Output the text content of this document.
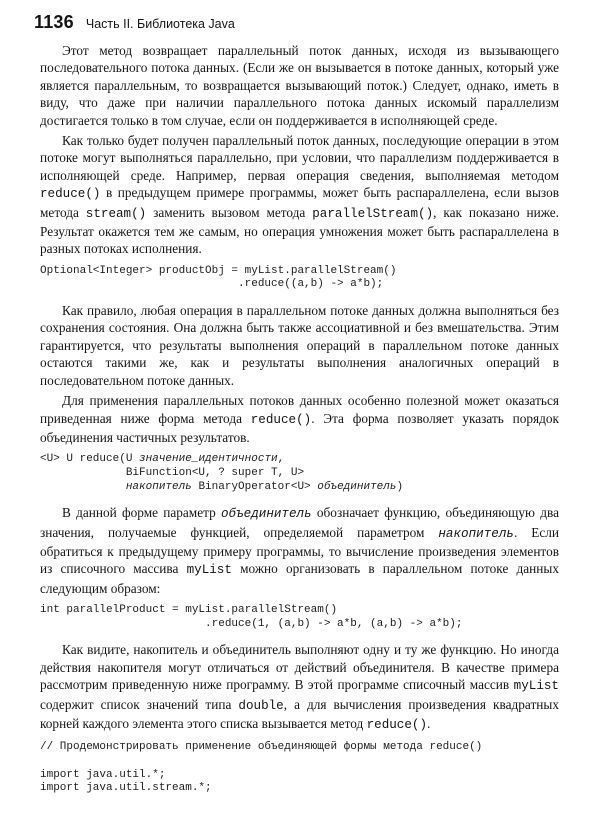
1136 Часть II. Библиотека Java

Этот метод возвращает параллельный поток данных, исходя из вызывающего последовательного потока данных. (Если же он вызывается в потоке данных, который уже является параллельным, то возвращается вызывающий поток.) Следует, однако, иметь в виду, что даже при наличии параллельного потока данных искомый параллелизм достигается только в том случае, если он поддерживается в исполняющей среде.

Как только будет получен параллельный поток данных, последующие операции в этом потоке могут выполняться параллельно, при условии, что параллелизм поддерживается в исполняющей среде. Например, первая операция сведения, выполняемая методом reduce() в предыдущем примере программы, может быть распараллелена, если вызов метода stream() заменить вызовом метода parallelStream(), как показано ниже. Результат окажется тем же самым, но операция умножения может быть распараллелена в разных потоках исполнения.

Optional<Integer> productObj = myList.parallelStream()
.reduce((a,b) -> a*b);

Как правило, любая операция в параллельном потоке данных должна выполняться без сохранения состояния. Она должна быть также ассоциативной и без вмешательства. Этим гарантируется, что результаты выполнения операций в параллельном потоке данных остаются такими же, как и результаты выполнения аналогичных операций в последовательном потоке данных.

Для применения параллельных потоков данных особенно полезной может оказаться приведенная ниже форма метода reduce(). Эта форма позволяет указать порядок объединения частичных результатов.

<U> U reduce(U значение_идентичности,
BiFunction<U, ? super T, U>
накопитель BinaryOperator<U> объединитель)

В данной форме параметр объединитель обозначает функцию, объединяющую два значения, получаемые функцией, определяемой параметром накопитель. Если обратиться к предыдущему примеру программы, то вычисление произведения элементов из списочного массива myList можно организовать в параллельном потоке данных следующим образом:

int parallelProduct = myList.parallelStream()
.reduce(1, (a,b) -> a*b, (a,b) -> a*b);

Как видите, накопитель и объединитель выполняют одну и ту же функцию. Но иногда действия накопителя могут отличаться от действий объединителя. В качестве примера рассмотрим приведенную ниже программу. В этой программе списочный массив myList содержит список значений типа double, а для вычисления произведения квадратных корней каждого элемента этого списка вызывается метод reduce().

// Продемонстрировать применение объединяющей формы метода reduce()

import java.util.*;
import java.util.stream.*;
